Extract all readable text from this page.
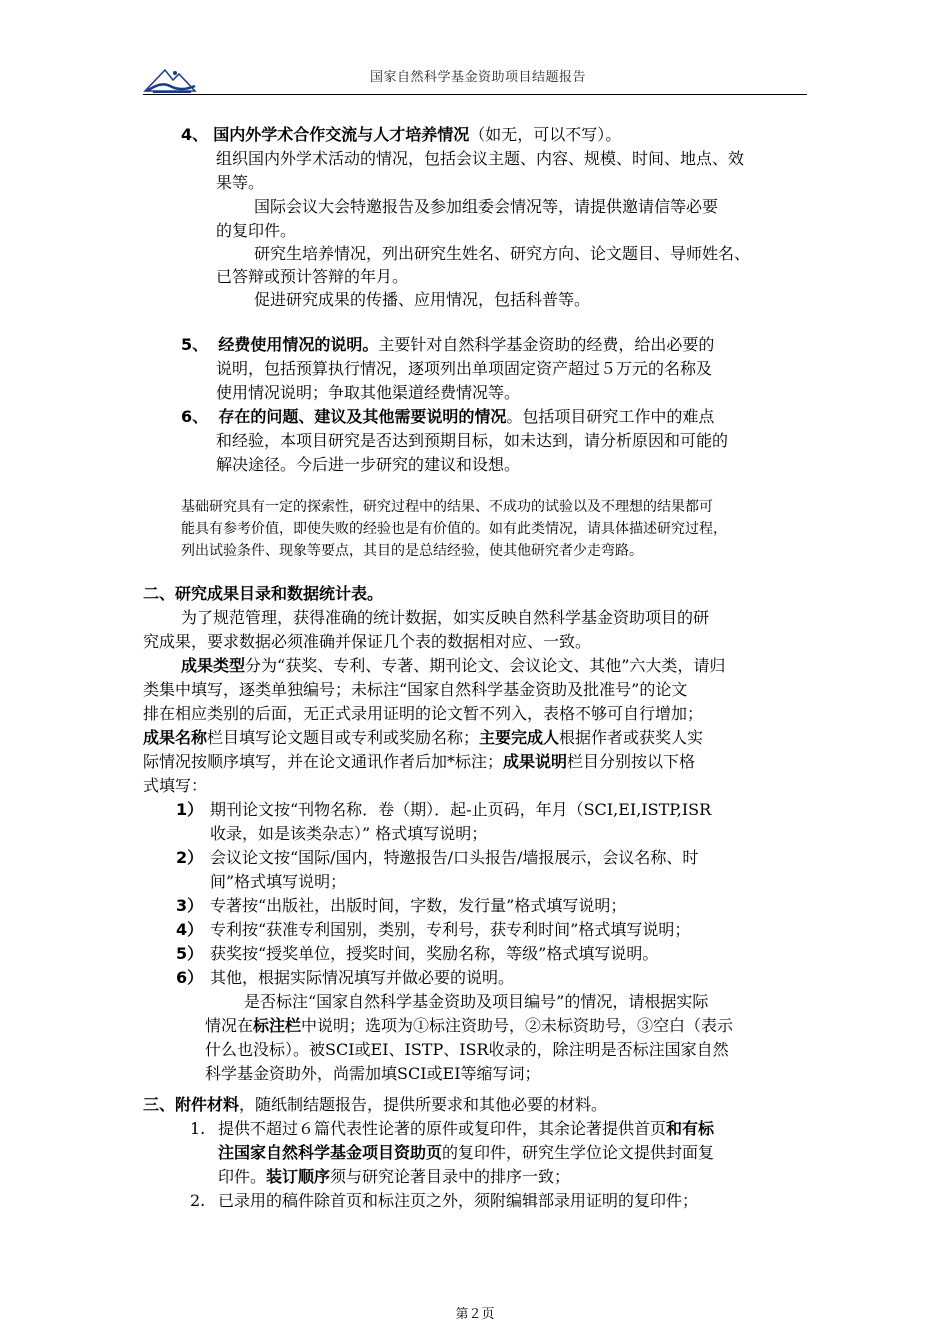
国家自然科学基金资助项目结题报告
4、 国内外学术合作交流与人才培养情况（如无，可以不写）。
组织国内外学术活动的情况，包括会议主题、内容、规模、时间、地点、效
果等。
国际会议大会特邀报告及参加组委会情况等，请提供邀请信等必要
的复印件。
研究生培养情况，列出研究生姓名、研究方向、论文题目、导师姓名、
已答辩或预计答辩的年月。
促进研究成果的传播、应用情况，包括科普等。
5、 经费使用情况的说明。主要针对自然科学基金资助的经费，给出必要的
说明，包括预算执行情况，逐项列出单项固定资产超过５万元的名称及
使用情况说明；争取其他渠道经费情况等。
6、 存在的问题、建议及其他需要说明的情况。包括项目研究工作中的难点
和经验，本项目研究是否达到预期目标，如未达到，请分析原因和可能的
解决途径。今后进一步研究的建议和设想。
基础研究具有一定的探索性，研究过程中的结果、不成功的试验以及不理想的结果都可
能具有参考价值，即使失败的经验也是有价值的。如有此类情况，请具体描述研究过程，
列出试验条件、现象等要点，其目的是总结经验，使其他研究者少走弯路。
二、研究成果目录和数据统计表。
为了规范管理，获得准确的统计数据，如实反映自然科学基金资助项目的研
究成果，要求数据必须准确并保证几个表的数据相对应、一致。
成果类型分为“获奖、专利、专著、期刊论文、会议论文、其他”六大类，请归
类集中填写，逐类单独编号；未标注“国家自然科学基金资助及批准号”的论文
排在相应类别的后面，无正式录用证明的论文暂不列入，表格不够可自行增加；
成果名称栏目填写论文题目或专利或奖励名称；主要完成人根据作者或获奖人实
际情况按顺序填写，并在论文通讯作者后加*标注；成果说明栏目分别按以下格
式填写：
1） 期刊论文按“刊物名称．卷（期）．起-止页码，年月（SCI,EI,ISTP,ISR
收录，如是该类杂志）” 格式填写说明；
2） 会议论文按“国际/国内，特邀报告/口头报告/墙报展示，会议名称、时
间”格式填写说明；
3） 专著按“出版社，出版时间，字数，发行量”格式填写说明；
4） 专利按“获准专利国别，类别，专利号，获专利时间”格式填写说明；
5） 获奖按“授奖单位，授奖时间，奖励名称，等级”格式填写说明。
6） 其他，根据实际情况填写并做必要的说明。
是否标注“国家自然科学基金资助及项目编号”的情况，请根据实际
情况在标注栏中说明；选项为①标注资助号，②未标资助号，③空白（表示
什么也没标）。被SCI或EI、ISTP、ISR收录的，除注明是否标注国家自然
科学基金资助外，尚需加填SCI或EI等缩写词；
三、附件材料，随纸制结题报告，提供所要求和其他必要的材料。
1. 提供不超过６篇代表性论著的原件或复印件，其余论著提供首页和有标
注国家自然科学基金项目资助页的复印件，研究生学位论文提供封面复
印件。装订顺序须与研究论著目录中的排序一致；
2. 已录用的稿件除首页和标注页之外，须附编辑部录用证明的复印件；
第２页
